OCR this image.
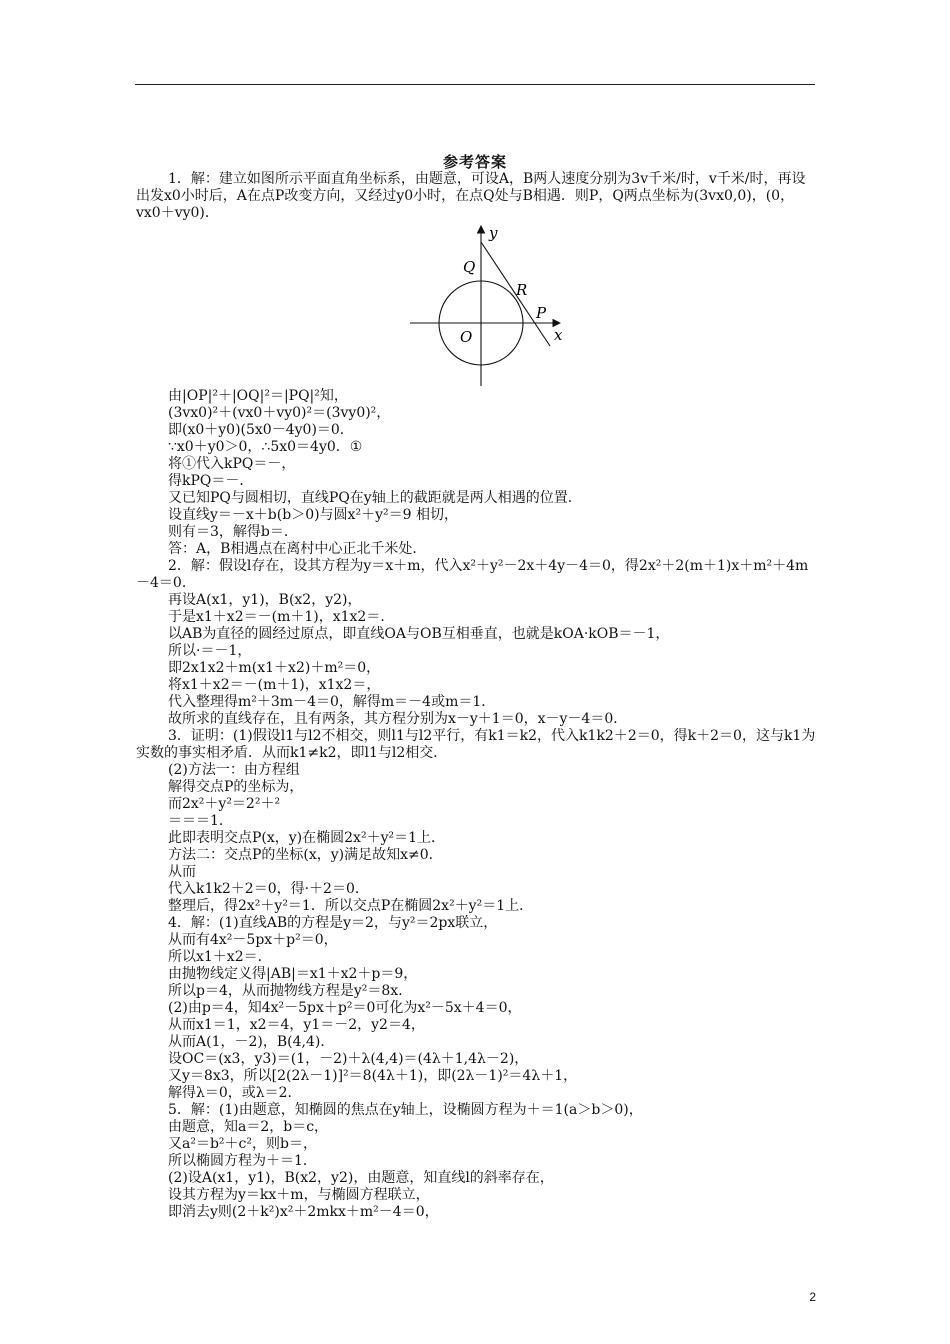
参考答案
1．解：建立如图所示平面直角坐标系，由题意，可设A，B两人速度分别为3v千米/时，v千米/时，再设出发x0小时后，A在点P改变方向，又经过y0小时，在点Q处与B相遇．则P，Q两点坐标为(3vx0,0)，(0，vx0＋vy0)．
y
x
Q
R
P
O
由|OP|²＋|OQ|²＝|PQ|²知，
(3vx0)²＋(vx0＋vy0)²＝(3vy0)²，
即(x0＋y0)(5x0－4y0)＝0．
∵x0＋y0＞0，∴5x0＝4y0．①
将①代入kPQ＝－，
得kPQ＝－．
又已知PQ与圆相切，直线PQ在y轴上的截距就是两人相遇的位置．
设直线y＝－x＋b(b＞0)与圆x²＋y²＝9 相切，
则有＝3，解得b＝．
答：A，B相遇点在离村中心正北千米处．
2．解：假设l存在，设其方程为y＝x＋m，代入x²＋y²－2x＋4y－4＝0，得2x²＋2(m＋1)x＋m²＋4m－4＝0．
再设A(x1，y1)，B(x2，y2)，
于是x1＋x2＝－(m＋1)，x1x2＝．
以AB为直径的圆经过原点，即直线OA与OB互相垂直，也就是kOA·kOB＝－1，
所以·＝－1，
即2x1x2＋m(x1＋x2)＋m²＝0，
将x1＋x2＝－(m＋1)，x1x2＝，
代入整理得m²＋3m－4＝0，解得m＝－4或m＝1．
故所求的直线存在，且有两条，其方程分别为x－y＋1＝0，x－y－4＝0．
3．证明：(1)假设l1与l2不相交，则l1与l2平行，有k1＝k2，代入k1k2＋2＝0，得k＋2＝0，这与k1为实数的事实相矛盾．从而k1≠k2，即l1与l2相交．
(2)方法一：由方程组
解得交点P的坐标为，
而2x²＋y²＝2²＋²
＝＝＝1．
此即表明交点P(x，y)在椭圆2x²＋y²＝1上．
方法二：交点P的坐标(x，y)满足故知x≠0．
从而
代入k1k2＋2＝0，得·＋2＝0．
整理后，得2x²＋y²＝1．所以交点P在椭圆2x²＋y²＝1上．
4．解：(1)直线AB的方程是y＝2，与y²＝2px联立，
从而有4x²－5px＋p²＝0，
所以x1＋x2＝．
由抛物线定义得|AB|＝x1＋x2＋p＝9，
所以p＝4，从而抛物线方程是y²＝8x．
(2)由p＝4，知4x²－5px＋p²＝0可化为x²－5x＋4＝0，
从而x1＝1，x2＝4，y1＝－2，y2＝4，
从而A(1，－2)，B(4,4)．
设OC＝(x3，y3)＝(1，－2)＋λ(4,4)＝(4λ＋1,4λ－2)，
又y＝8x3，所以[2(2λ－1)]²＝8(4λ＋1)，即(2λ－1)²＝4λ＋1，
解得λ＝0，或λ＝2．
5．解：(1)由题意，知椭圆的焦点在y轴上，设椭圆方程为＋＝1(a＞b＞0)，
由题意，知a＝2，b＝c，
又a²＝b²＋c²，则b＝，
所以椭圆方程为＋＝1．
(2)设A(x1，y1)，B(x2，y2)，由题意，知直线l的斜率存在，
设其方程为y＝kx＋m，与椭圆方程联立，
即消去y则(2＋k²)x²＋2mkx＋m²－4＝0，
2
